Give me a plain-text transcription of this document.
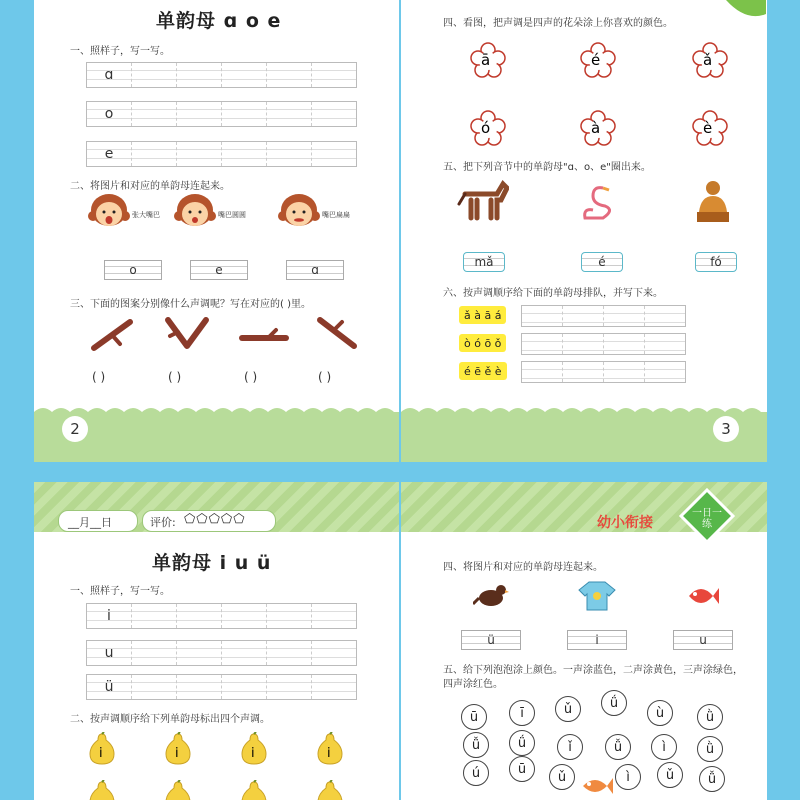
单韵母 ɑ o e
一、照样子，写一写。
ɑ
o
e
二、将图片和对应的单韵母连起来。
张大嘴巴	嘴巴圆圆	嘴巴扁扁
o	e	ɑ
三、下面的图案分别像什么声调呢？写在对应的( )里。
( )	( )	( )	( )
2
四、看图，把声调是四声的花朵涂上你喜欢的颜色。
ā	é	ǎ
ó	à	è
五、把下列音节中的单韵母"ɑ、o、e"圈出来。
mǎ	é	fó
六、按声调顺序给下面的单韵母排队，并写下来。
ǎ à ā á
ò ó ō ǒ
é ē ě è
3
__月__日	评价: ⬠⬠⬠⬠⬠
单韵母 i u ü
一、照样子，写一写。
i
u
ü
二、按声调顺序给下列单韵母标出四个声调。
i	i	i	i
幼小衔接
一日一练
四、将图片和对应的单韵母连起来。
ü	i	u
五、给下列泡泡涂上颜色。一声涂蓝色，二声涂黄色，三声涂绿色，四声涂红色。
ū	ī	ǔ	ǘ
ù	ǜ
ǚ	ǘ	ǐ	ǚ	ì	ǜ
ú	ū
ǔ	ì	ǔ	ǚ
